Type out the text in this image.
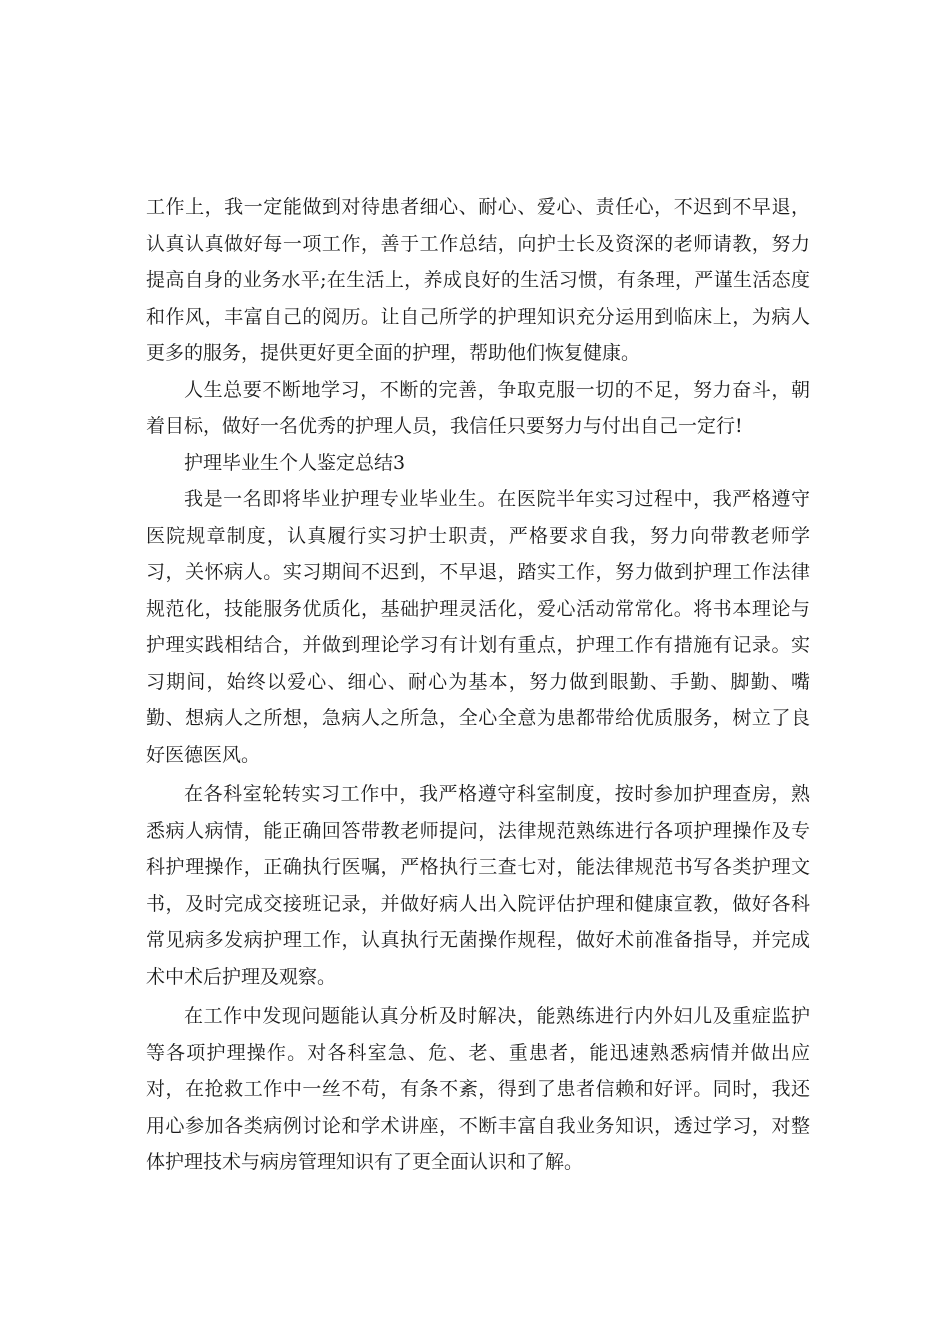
工作上，我一定能做到对待患者细心、耐心、爱心、责任心，不迟到不早退，认真认真做好每一项工作，善于工作总结，向护士长及资深的老师请教，努力提高自身的业务水平;在生活上，养成良好的生活习惯，有条理，严谨生活态度和作风，丰富自己的阅历。让自己所学的护理知识充分运用到临床上，为病人更多的服务，提供更好更全面的护理，帮助他们恢复健康。

人生总要不断地学习，不断的完善，争取克服一切的不足，努力奋斗，朝着目标，做好一名优秀的护理人员，我信任只要努力与付出自己一定行!

护理毕业生个人鉴定总结3

我是一名即将毕业护理专业毕业生。在医院半年实习过程中，我严格遵守医院规章制度，认真履行实习护士职责，严格要求自我，努力向带教老师学习，关怀病人。实习期间不迟到，不早退，踏实工作，努力做到护理工作法律规范化，技能服务优质化，基础护理灵活化，爱心活动常常化。将书本理论与护理实践相结合，并做到理论学习有计划有重点，护理工作有措施有记录。实习期间，始终以爱心、细心、耐心为基本，努力做到眼勤、手勤、脚勤、嘴勤、想病人之所想，急病人之所急，全心全意为患都带给优质服务，树立了良好医德医风。

在各科室轮转实习工作中，我严格遵守科室制度，按时参加护理查房，熟悉病人病情，能正确回答带教老师提问，法律规范熟练进行各项护理操作及专科护理操作，正确执行医嘱，严格执行三查七对，能法律规范书写各类护理文书，及时完成交接班记录，并做好病人出入院评估护理和健康宣教，做好各科常见病多发病护理工作，认真执行无菌操作规程，做好术前准备指导，并完成术中术后护理及观察。

在工作中发现问题能认真分析及时解决，能熟练进行内外妇儿及重症监护等各项护理操作。对各科室急、危、老、重患者，能迅速熟悉病情并做出应对，在抢救工作中一丝不苟，有条不紊，得到了患者信赖和好评。同时，我还用心参加各类病例讨论和学术讲座，不断丰富自我业务知识，透过学习，对整体护理技术与病房管理知识有了更全面认识和了解。
